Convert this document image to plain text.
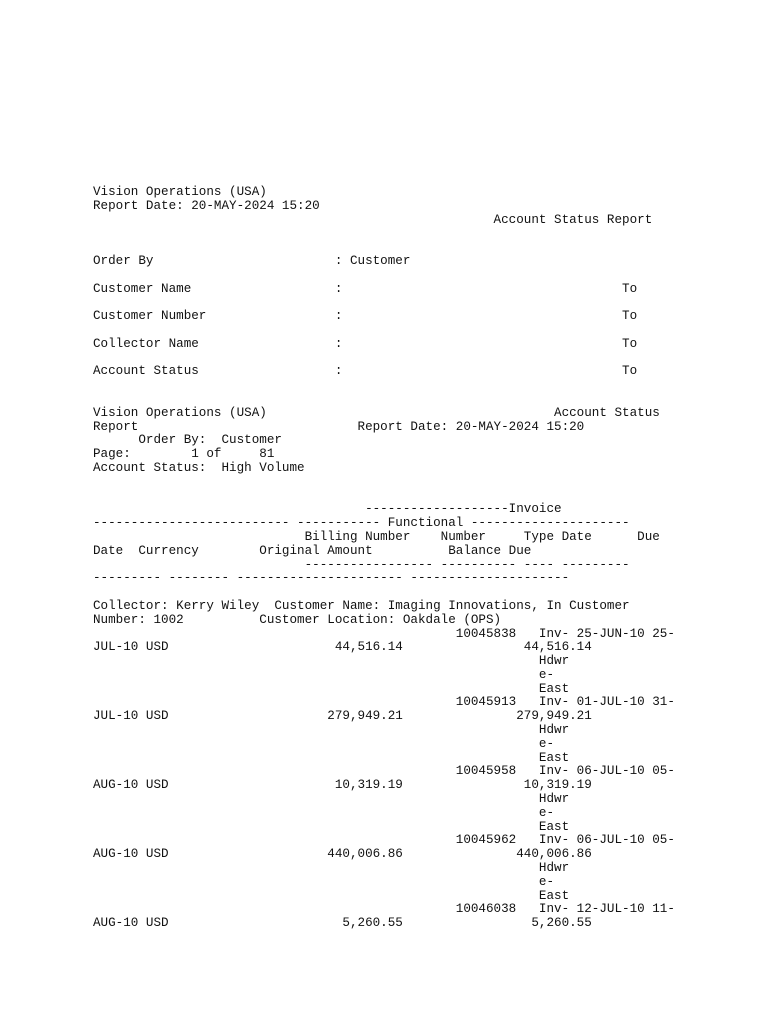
Vision Operations (USA)
Report Date: 20-MAY-2024 15:20
Account Status Report

Order By                        : Customer

Customer Name                   :                                     To

Customer Number                 :                                     To

Collector Name                  :                                     To

Account Status                  :                                     To

Vision Operations (USA)                                      Account Status
Report                             Report Date: 20-MAY-2024 15:20
Order By:  Customer
Page:        1 of     81
Account Status:  High Volume

-------------------Invoice
-------------------------- ----------- Functional ---------------------
Billing Number    Number     Type Date      Due
Date  Currency        Original Amount          Balance Due
----------------- ---------- ---- ---------
--------- -------- ---------------------- ---------------------

Collector: Kerry Wiley  Customer Name: Imaging Innovations, In Customer
Number: 1002          Customer Location: Oakdale (OPS)
10045838   Inv- 25-JUN-10 25-
JUL-10 USD                      44,516.14                44,516.14
Hdwr
e-
East
10045913   Inv- 01-JUL-10 31-
JUL-10 USD                     279,949.21               279,949.21
Hdwr
e-
East
10045958   Inv- 06-JUL-10 05-
AUG-10 USD                      10,319.19                10,319.19
Hdwr
e-
East
10045962   Inv- 06-JUL-10 05-
AUG-10 USD                     440,006.86               440,006.86
Hdwr
e-
East
10046038   Inv- 12-JUL-10 11-
AUG-10 USD                       5,260.55                 5,260.55
